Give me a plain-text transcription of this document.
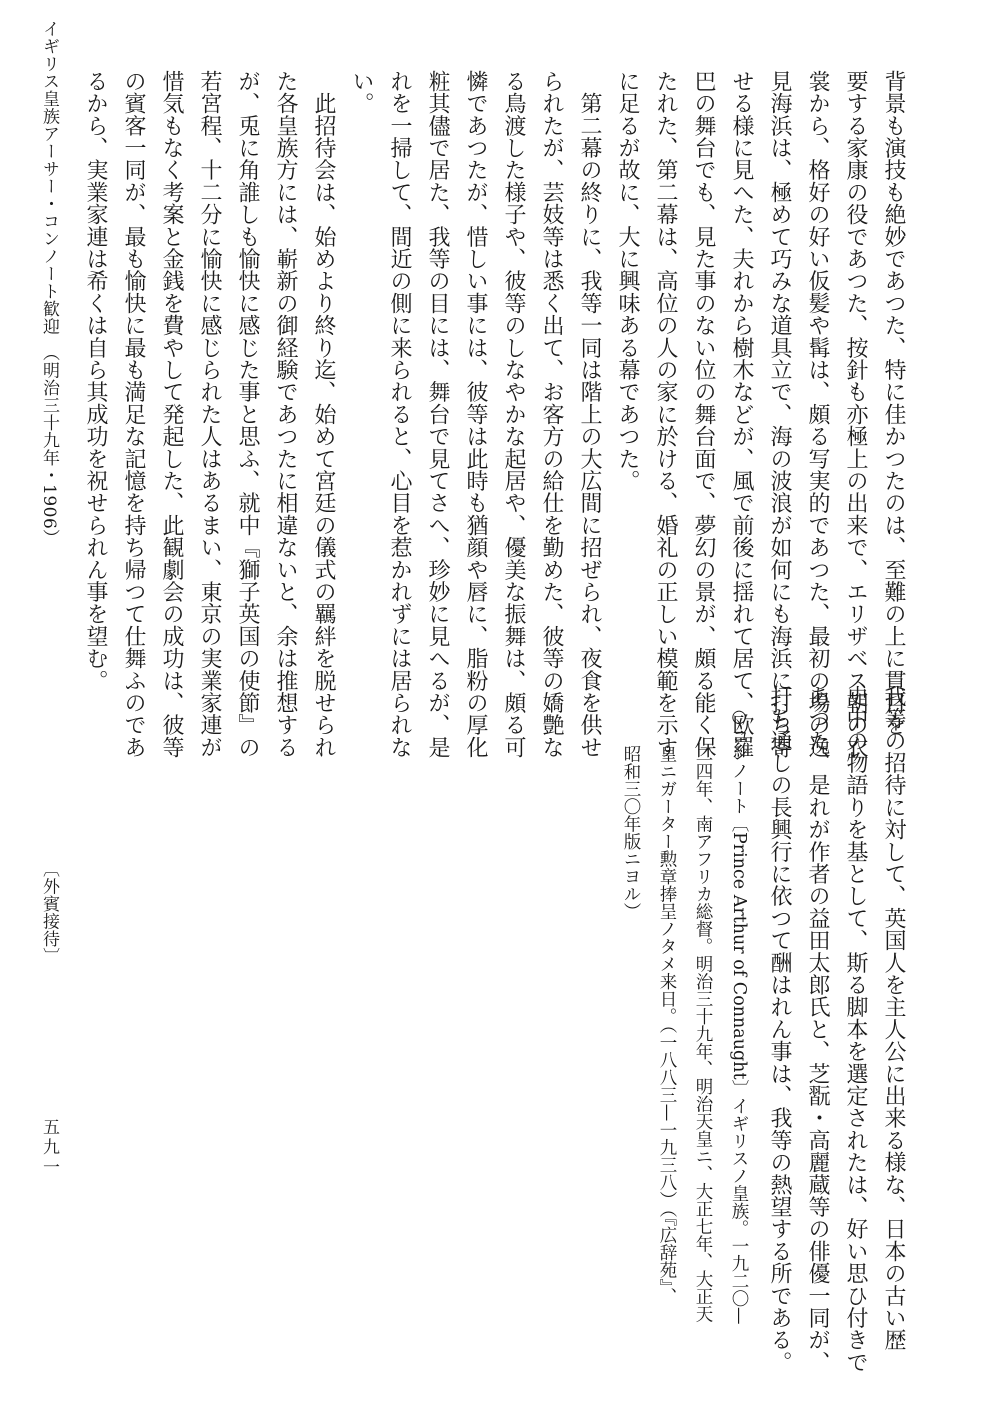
我等の招待に対して、英国人を主人公に出来る様な、日本の古い歴
史中の物語りを基として、斯る脚本を選定されたは、好い思ひ付きで
あつた、是れが作者の益田太郎氏と、芝翫・高麗蔵等の俳優一同が、
打ち通しの長興行に依つて酬はれん事は、我等の熱望する所である。
○コンノート〔Prince Arthur of Connaught〕イギリスノ皇族。一九二〇—
二四年、南アフリカ総督。明治三十九年、明治天皇ニ、大正七年、大正天
皇ニガーター勲章捧呈ノタメ来日。（一八八三—一九三八）（『広辞苑』、
昭和三〇年版ニヨル）
背景も演技も絶妙であつた、特に佳かつたのは、至難の上に貫目を
要する家康の役であつた、按針も亦極上の出来で、エリザベス朝の衣
裳から、格好の好い仮髪や髯は、頗る写実的であつた、最初の場の逸
見海浜は、極めて巧みな道具立で、海の波浪が如何にも海浜に打ち寄
せる様に見へた、夫れから樹木などが、風で前後に揺れて居て、欧羅
巴の舞台でも、見た事のない位の舞台面で、夢幻の景が、頗る能く保
たれた、第二幕は、高位の人の家に於ける、婚礼の正しい模範を示す
に足るが故に、大に興味ある幕であつた。
　第二幕の終りに、我等一同は階上の大広間に招ぜられ、夜食を供せ
られたが、芸妓等は悉く出て、お客方の給仕を勤めた、彼等の嬌艶な
る鳥渡した様子や、彼等のしなやかな起居や、優美な振舞は、頗る可
憐であつたが、惜しい事には、彼等は此時も猶顔や唇に、脂粉の厚化
粧其儘で居た、我等の目には、舞台で見てさへ、珍妙に見へるが、是
れを一掃して、間近の側に来られると、心目を惹かれずには居られな
い。
　此招待会は、始めより終り迄、始めて宮廷の儀式の羈絆を脱せられ
た各皇族方には、嶄新の御経験であつたに相違ないと、余は推想する
が、兎に角誰しも愉快に感じた事と思ふ、就中『獅子英国の使節』の
若宮程、十二分に愉快に感じられた人はあるまい、東京の実業家連が
惜気もなく考案と金銭を費やして発起した、此観劇会の成功は、彼等
の賓客一同が、最も愉快に最も満足な記憶を持ち帰つて仕舞ふのであ
るから、実業家連は希くは自ら其成功を祝せられん事を望む。
〔外賓接待〕
イギリス皇族アーサー・コンノート歓迎　（明治三十九年・1906）
五九一
